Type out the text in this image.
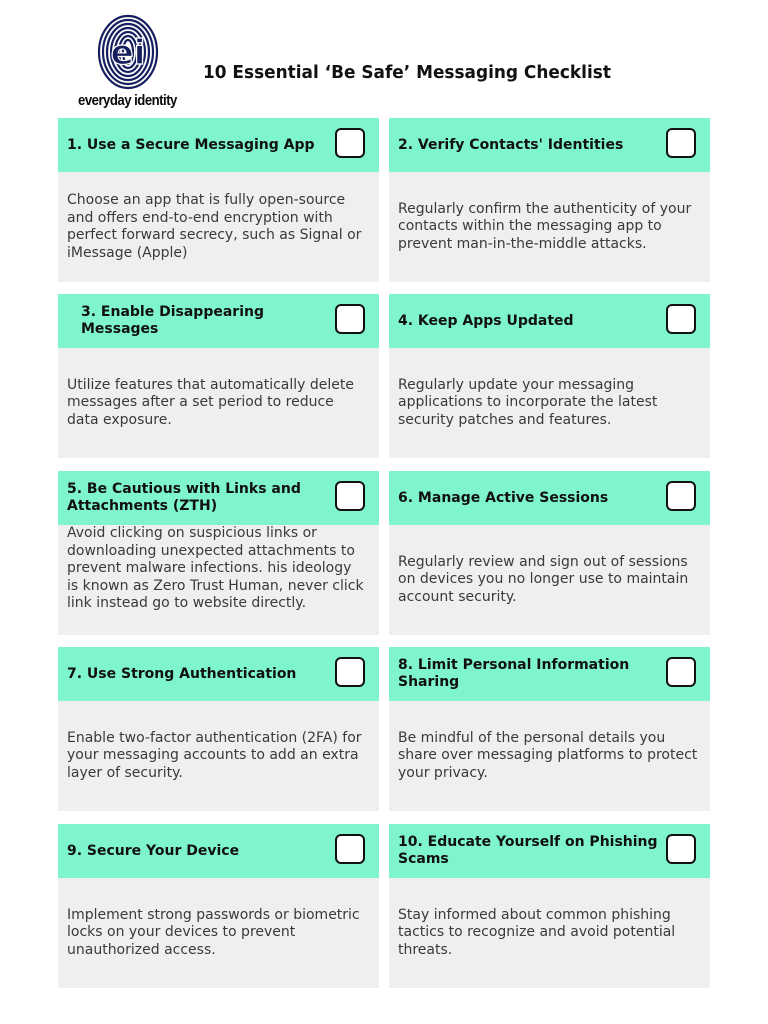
ei
everyday identity
10 Essential ‘Be Safe’ Messaging Checklist
1. Use a Secure Messaging App
Choose an app that is fully open-source and offers end-to-end encryption with perfect forward secrecy, such as Signal or iMessage (Apple)
2. Verify Contacts' Identities
Regularly confirm the authenticity of your contacts within the messaging app to prevent man-in-the-middle attacks.
3. Enable Disappearing Messages
Utilize features that automatically delete messages after a set period to reduce data exposure.
4. Keep Apps Updated
Regularly update your messaging applications to incorporate the latest security patches and features.
5. Be Cautious with Links and Attachments (ZTH)
Avoid clicking on suspicious links or downloading unexpected attachments to prevent malware infections. his ideology is known as Zero Trust Human, never click link instead go to website directly.
6. Manage Active Sessions
Regularly review and sign out of sessions on devices you no longer use to maintain account security.
7. Use Strong Authentication
Enable two-factor authentication (2FA) for your messaging accounts to add an extra layer of security.
8. Limit Personal Information Sharing
Be mindful of the personal details you share over messaging platforms to protect your privacy.
9. Secure Your Device
Implement strong passwords or biometric locks on your devices to prevent unauthorized access.
10. Educate Yourself on Phishing Scams
Stay informed about common phishing tactics to recognize and avoid potential threats.
